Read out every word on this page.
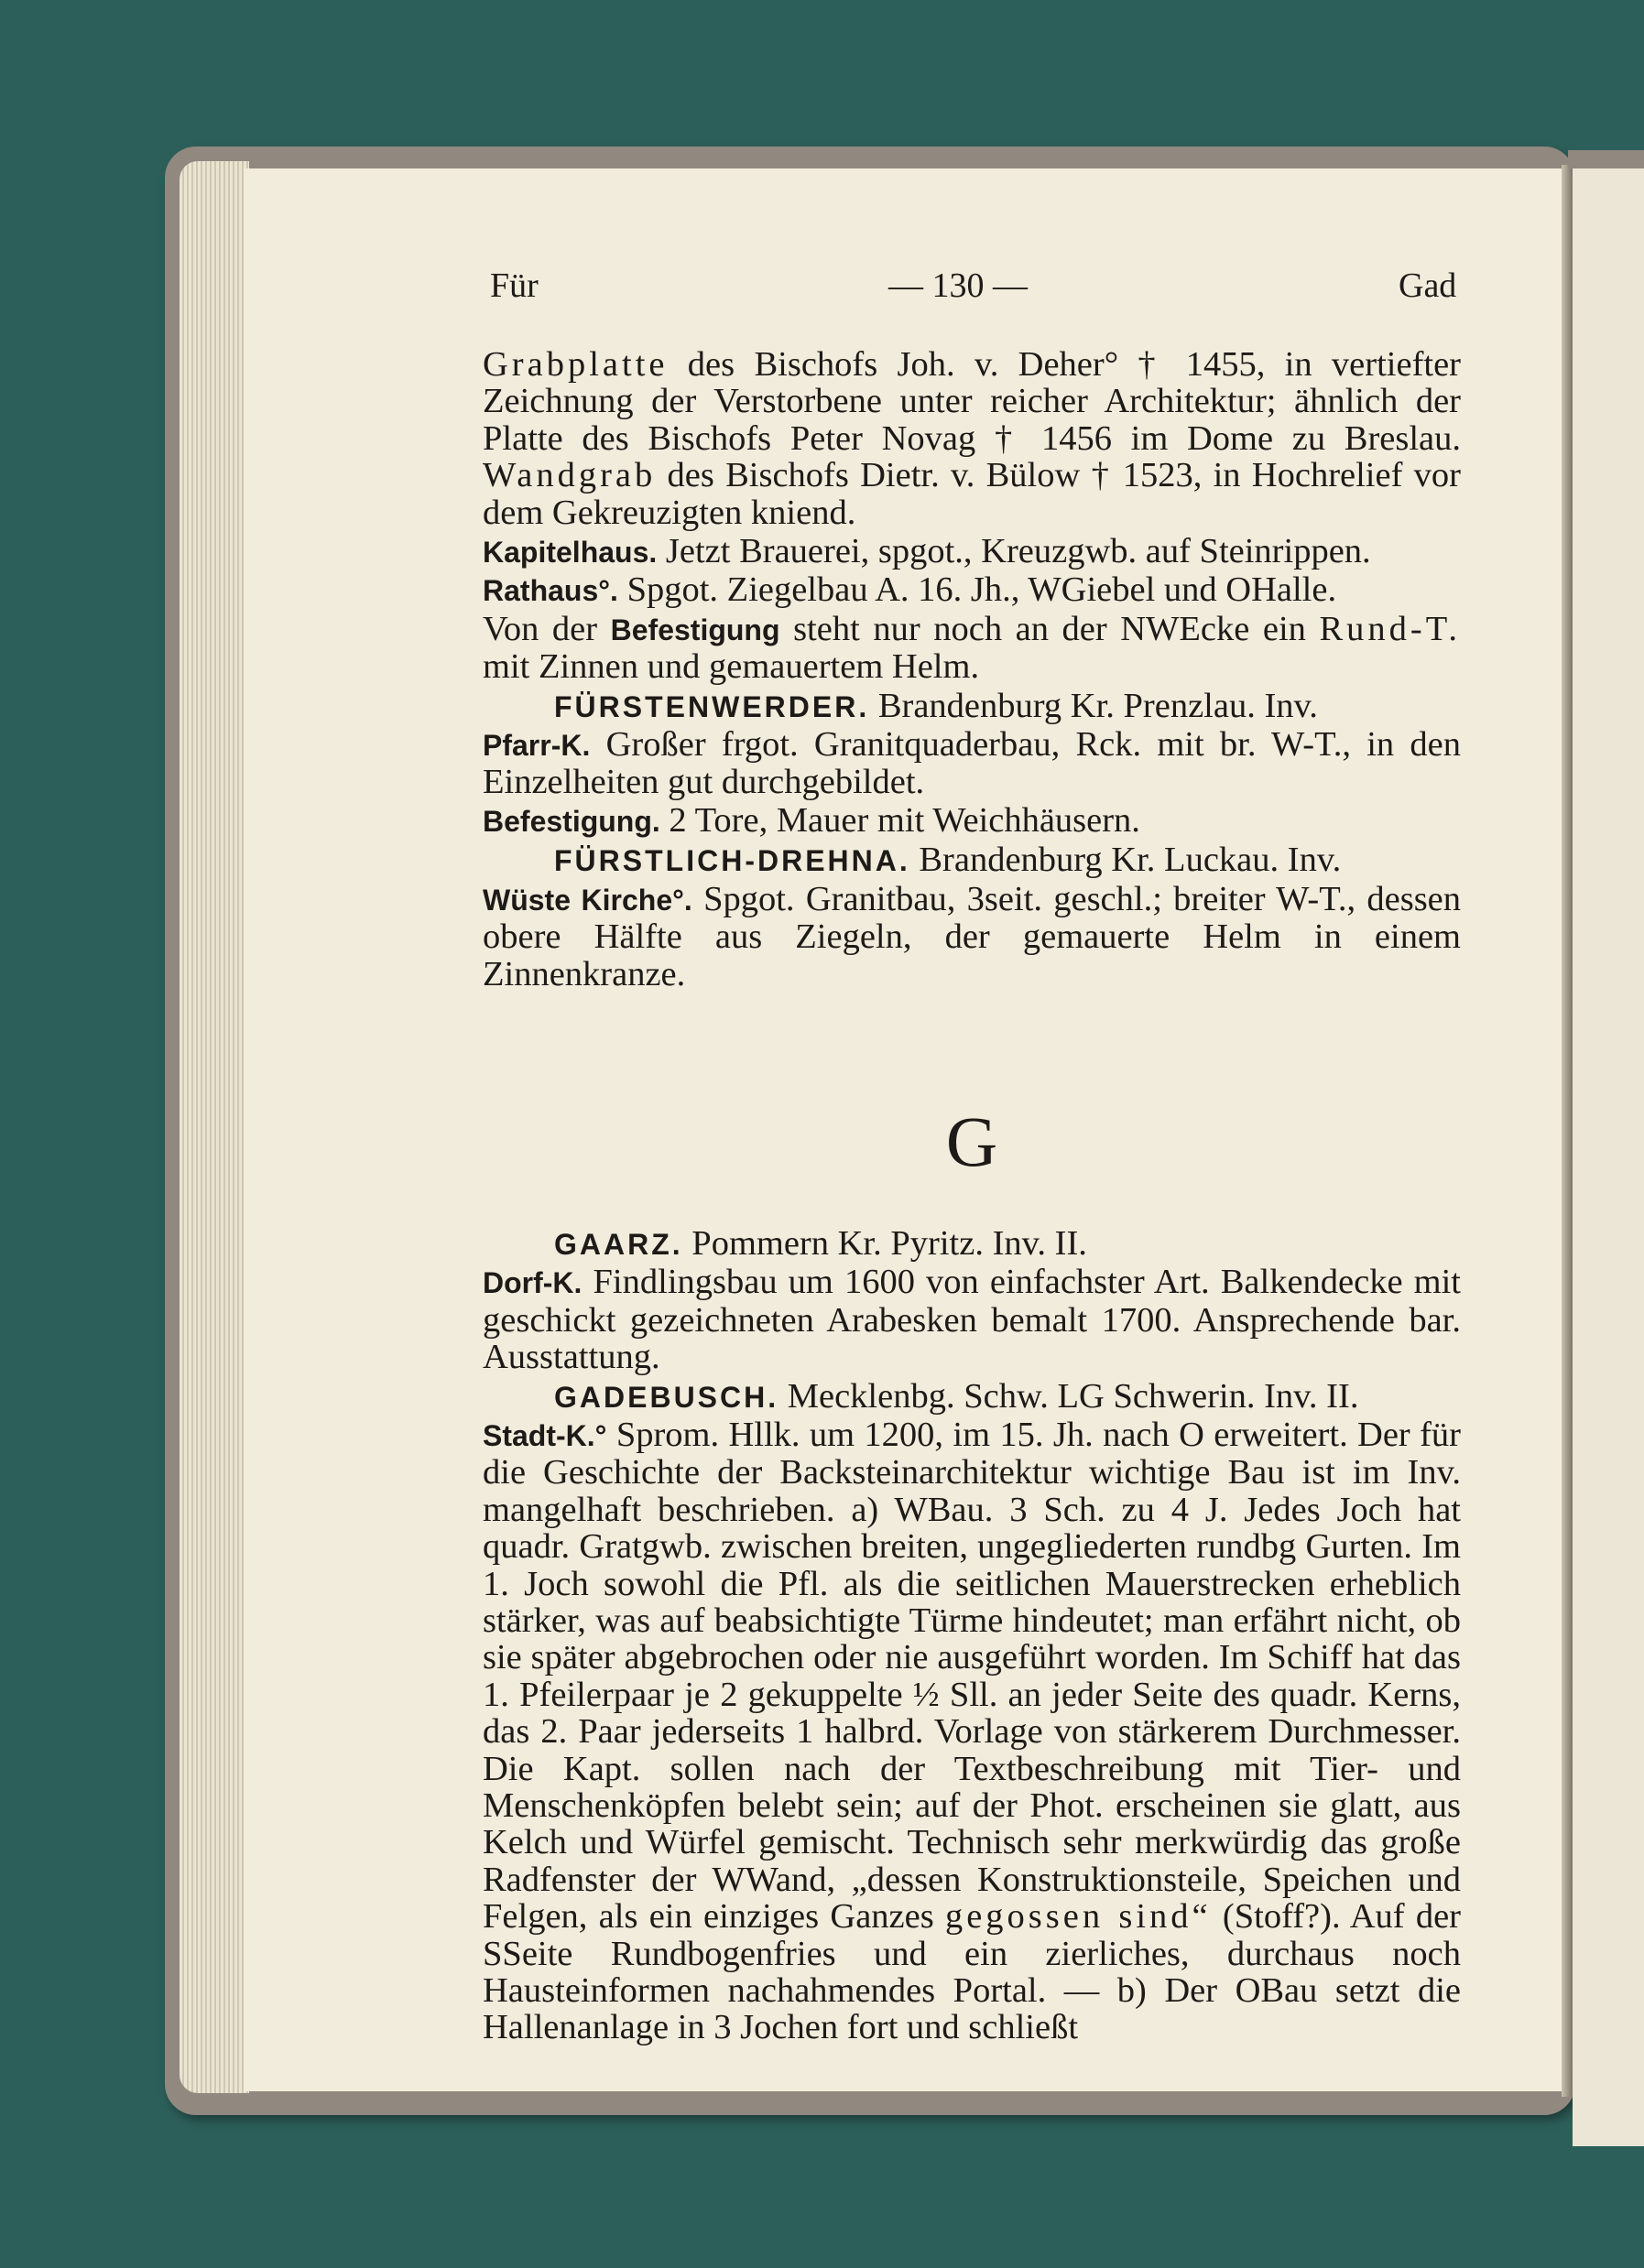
Für	— 130 —	Gad

Grabplatte des Bischofs Joh. v. Deher° † 1455, in vertiefter Zeichnung der Verstorbene unter reicher Architektur; ähnlich der Platte des Bischofs Peter Novag † 1456 im Dome zu Breslau. Wandgrab des Bischofs Dietr. v. Bülow † 1523, in Hochrelief vor dem Gekreuzigten kniend.

Kapitelhaus. Jetzt Brauerei, spgot., Kreuzgwb. auf Steinrippen.

Rathaus°. Spgot. Ziegelbau A. 16. Jh., WGiebel und OHalle.

Von der Befestigung steht nur noch an der NWEcke ein Rund-T. mit Zinnen und gemauertem Helm.

FÜRSTENWERDER. Brandenburg Kr. Prenzlau. Inv.

Pfarr-K. Großer frgot. Granitquaderbau, Rck. mit br. W-T., in den Einzelheiten gut durchgebildet.

Befestigung. 2 Tore, Mauer mit Weichhäusern.

FÜRSTLICH-DREHNA. Brandenburg Kr. Luckau. Inv.

Wüste Kirche°. Spgot. Granitbau, 3seit. geschl.; breiter W-T., dessen obere Hälfte aus Ziegeln, der gemauerte Helm in einem Zinnenkranze.

G

GAARZ. Pommern Kr. Pyritz. Inv. II.

Dorf-K. Findlingsbau um 1600 von einfachster Art. Balkendecke mit geschickt gezeichneten Arabesken bemalt 1700. Ansprechende bar. Ausstattung.

GADEBUSCH. Mecklenbg. Schw. LG Schwerin. Inv. II.

Stadt-K.° Sprom. Hllk. um 1200, im 15. Jh. nach O erweitert. Der für die Geschichte der Backsteinarchitektur wichtige Bau ist im Inv. mangelhaft beschrieben. a) WBau. 3 Sch. zu 4 J. Jedes Joch hat quadr. Gratgwb. zwischen breiten, ungegliederten rundbg Gurten. Im 1. Joch sowohl die Pfl. als die seitlichen Mauerstrecken erheblich stärker, was auf beabsichtigte Türme hindeutet; man erfährt nicht, ob sie später abgebrochen oder nie ausgeführt worden. Im Schiff hat das 1. Pfeilerpaar je 2 gekuppelte ½ Sll. an jeder Seite des quadr. Kerns, das 2. Paar jederseits 1 halbrd. Vorlage von stärkerem Durchmesser. Die Kapt. sollen nach der Textbeschreibung mit Tier- und Menschenköpfen belebt sein; auf der Phot. erscheinen sie glatt, aus Kelch und Würfel gemischt. Technisch sehr merkwürdig das große Radfenster der WWand, „dessen Konstruktionsteile, Speichen und Felgen, als ein einziges Ganzes gegossen sind“ (Stoff?). Auf der SSeite Rundbogenfries und ein zierliches, durchaus noch Hausteinformen nachahmendes Portal. — b) Der OBau setzt die Hallenanlage in 3 Jochen fort und schließt
